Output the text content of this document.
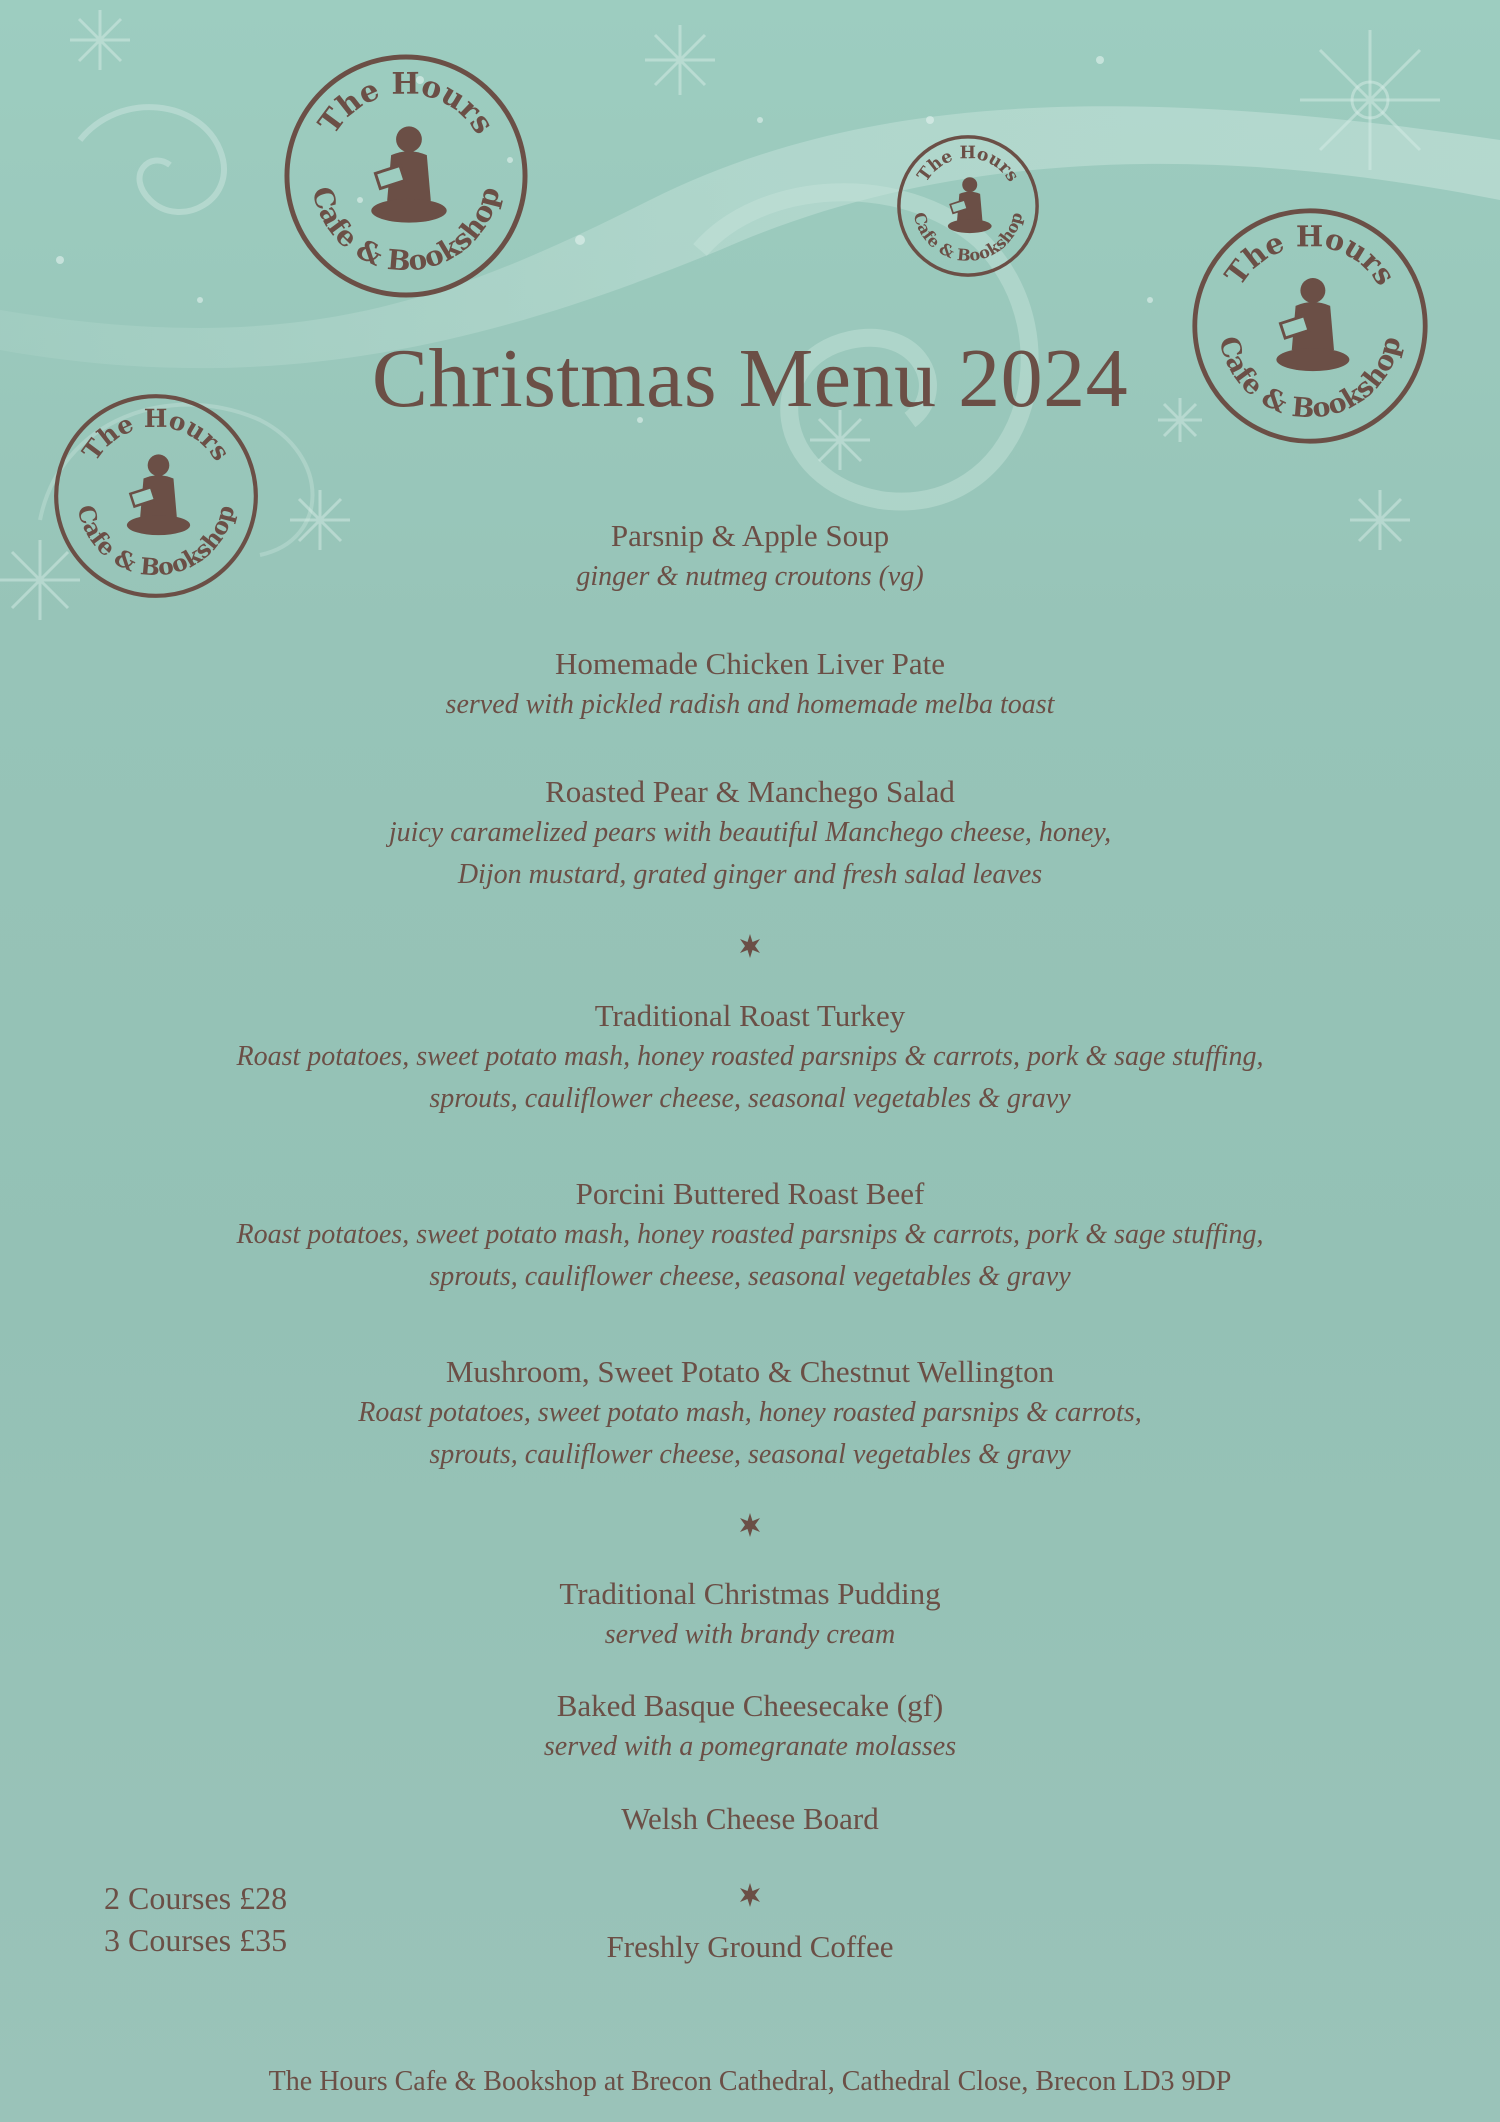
The Hours
Cafe & Bookshop
The Hours
Cafe & Bookshop
The Hours
Cafe & Bookshop
The Hours
Cafe & Bookshop
Christmas Menu 2024
Parsnip & Apple Soup
ginger & nutmeg croutons (vg)
Homemade Chicken Liver Pate
served with pickled radish and homemade melba toast
Roasted Pear & Manchego Salad
juicy caramelized pears with beautiful Manchego cheese, honey,
Dijon mustard, grated ginger and fresh salad leaves
Traditional Roast Turkey
Roast potatoes, sweet potato mash, honey roasted parsnips & carrots, pork & sage stuffing,
sprouts, cauliflower cheese, seasonal vegetables & gravy
Porcini Buttered Roast Beef
Roast potatoes, sweet potato mash, honey roasted parsnips & carrots, pork & sage stuffing,
sprouts, cauliflower cheese, seasonal vegetables & gravy
Mushroom, Sweet Potato & Chestnut Wellington
Roast potatoes, sweet potato mash, honey roasted parsnips & carrots,
sprouts, cauliflower cheese, seasonal vegetables & gravy
Traditional Christmas Pudding
served with brandy cream
Baked Basque Cheesecake (gf)
served with a pomegranate molasses
Welsh Cheese Board
Freshly Ground Coffee
2 Courses £28
3 Courses £35
The Hours Cafe & Bookshop at Brecon Cathedral, Cathedral Close, Brecon LD3 9DP
